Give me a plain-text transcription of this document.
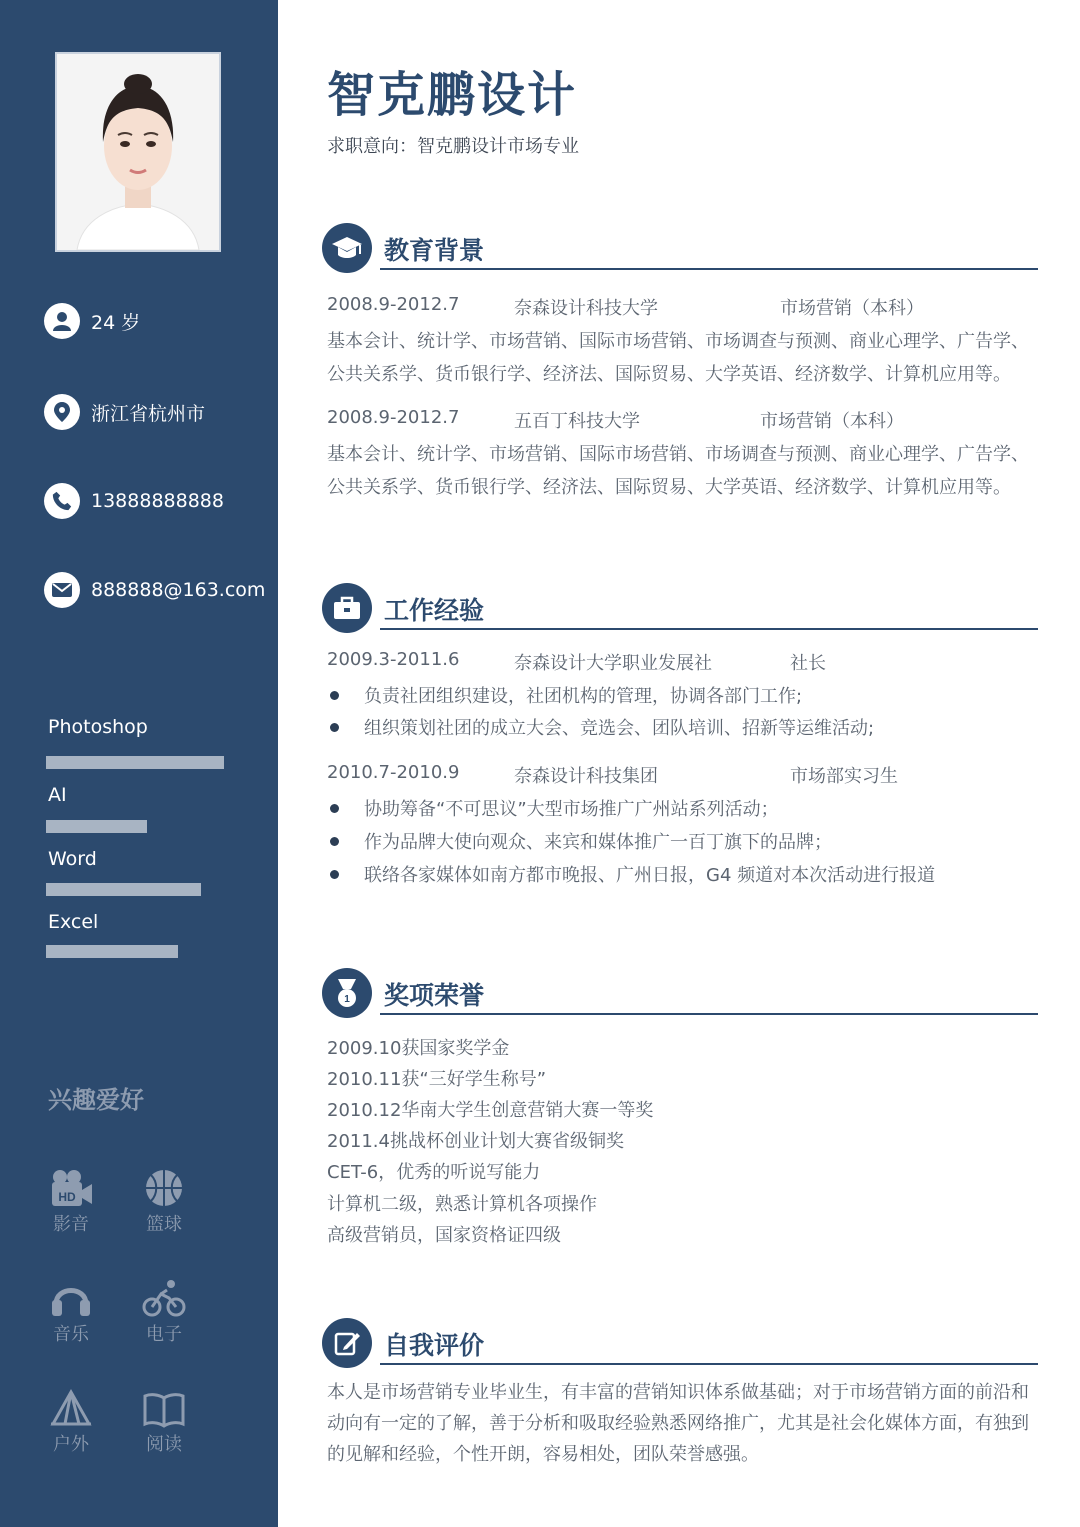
24 岁
浙江省杭州市
13888888888
888888@163.com
Photoshop
AI
Word
Excel
兴趣爱好
HD
影音	篮球
音乐	电子
户外	阅读
智克鹏设计
求职意向：智克鹏设计市场专业
教育背景
2008.9-2012.7	奈森设计科技大学	市场营销（本科）
基本会计、统计学、市场营销、国际市场营销、市场调查与预测、商业心理学、广告学、
公共关系学、货币银行学、经济法、国际贸易、大学英语、经济数学、计算机应用等。
2008.9-2012.7	五百丁科技大学	市场营销（本科）
基本会计、统计学、市场营销、国际市场营销、市场调查与预测、商业心理学、广告学、
公共关系学、货币银行学、经济法、国际贸易、大学英语、经济数学、计算机应用等。
工作经验
2009.3-2011.6	奈森设计大学职业发展社	社长
负责社团组织建设，社团机构的管理，协调各部门工作;
组织策划社团的成立大会、竞选会、团队培训、招新等运维活动;
2010.7-2010.9	奈森设计科技集团	市场部实习生
协助筹备“不可思议”大型市场推广广州站系列活动；
作为品牌大使向观众、来宾和媒体推广一百丁旗下的品牌；
联络各家媒体如南方都市晚报、广州日报，G4 频道对本次活动进行报道
1 奖项荣誉
2009.10获国家奖学金
2010.11获“三好学生称号”
2010.12华南大学生创意营销大赛一等奖
2011.4挑战杯创业计划大赛省级铜奖
CET-6，优秀的听说写能力
计算机二级，熟悉计算机各项操作
高级营销员，国家资格证四级
自我评价
本人是市场营销专业毕业生，有丰富的营销知识体系做基础；对于市场营销方面的前沿和
动向有一定的了解，善于分析和吸取经验熟悉网络推广，尤其是社会化媒体方面，有独到
的见解和经验，个性开朗，容易相处，团队荣誉感强。
